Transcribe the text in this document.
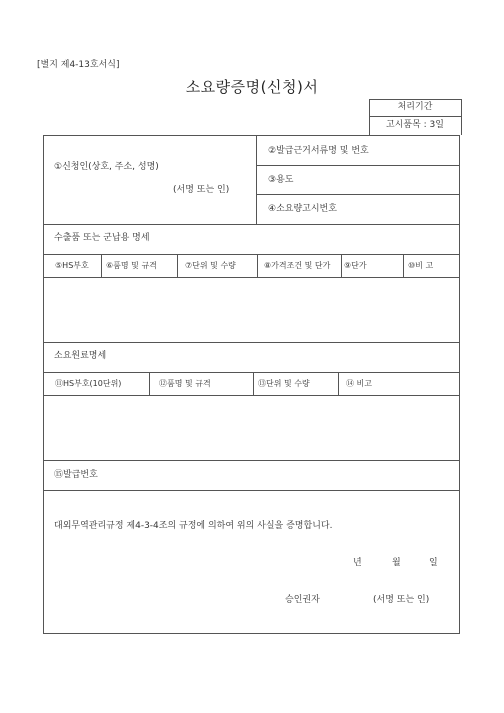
[별지 제4-13호서식]
소요량증명(신청)서
처리기간
고시품목 : 3일
①신청인(상호, 주소, 성명)
(서명 또는 인)
②발급근거서류명 및 번호
③용도
④소요량고시번호
수출품 또는 군납용 명세
⑤HS부호 ⑥품명 및 규격	⑦단위 및 수량	⑧가격조건 및 단가 ⑨단가	⑩비 고
소요원료명세
⑪HS부호(10단위)	⑫품명 및 규격	⑬단위 및 수량	⑭ 비고
⑮발급번호
대외무역관리규정 제4-3-4조의 규정에 의하여 위의 사실을 증명합니다.
년	월	일
승인권자	(서명 또는 인)
